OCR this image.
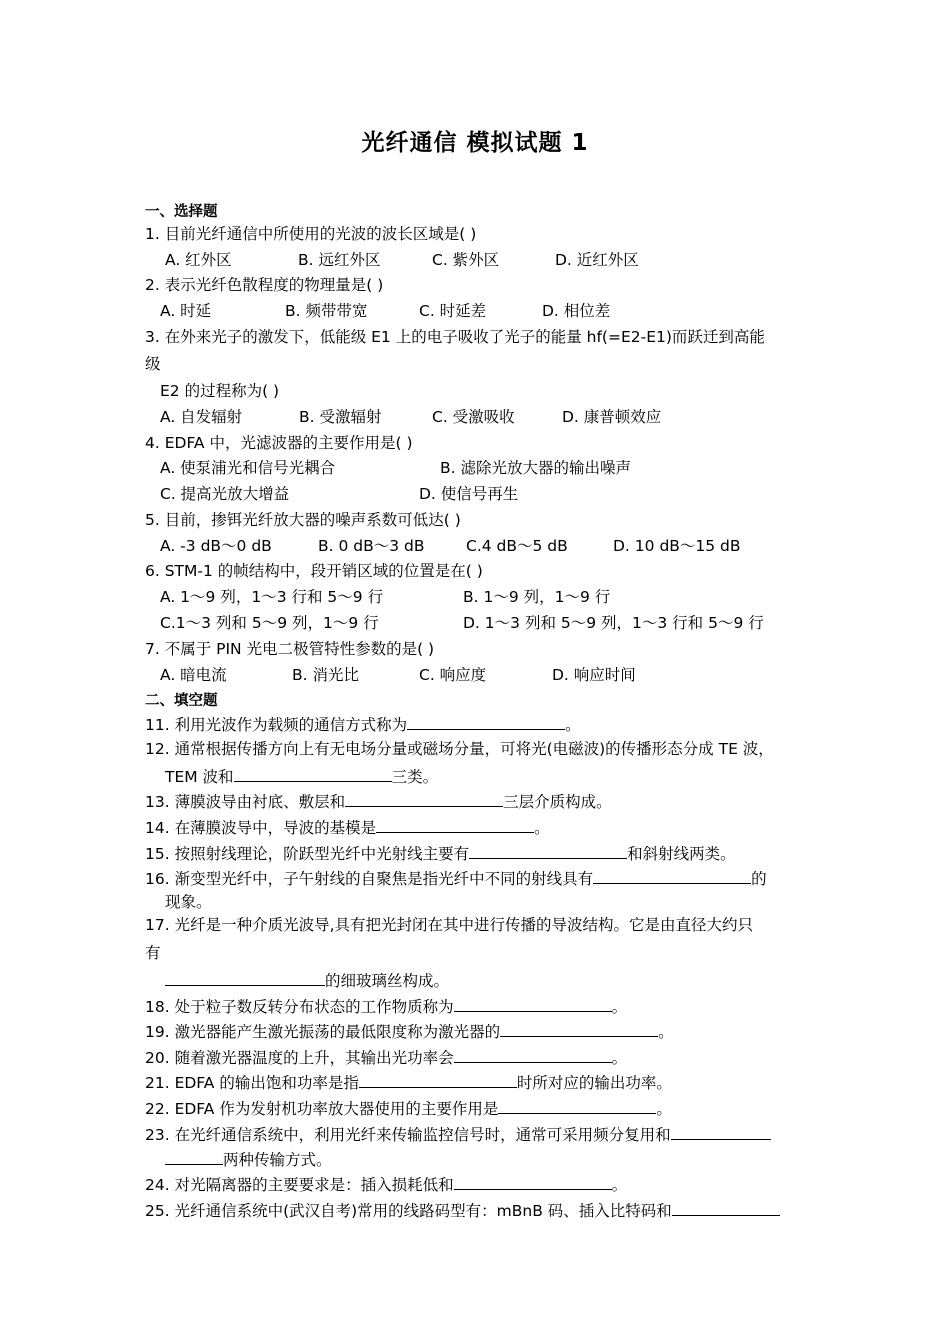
光纤通信 模拟试题 1
一、选择题
1. 目前光纤通信中所使用的光波的波长区域是( )
A. 红外区	B. 远红外区	C. 紫外区	D. 近红外区
2. 表示光纤色散程度的物理量是( )
A. 时延	B. 频带带宽	C. 时延差	D. 相位差
3. 在外来光子的激发下，低能级 E1 上的电子吸收了光子的能量 hf(=E2-E1)而跃迁到高能
级
E2 的过程称为( )
A. 自发辐射	B. 受激辐射	C. 受激吸收	D. 康普顿效应
4. EDFA 中，光滤波器的主要作用是( )
A. 使泵浦光和信号光耦合	B. 滤除光放大器的输出噪声
C. 提高光放大增益	D. 使信号再生
5. 目前，掺铒光纤放大器的噪声系数可低达( )
A. -3 dB～0 dB	B. 0 dB～3 dB	C.4 dB～5 dB	D. 10 dB～15 dB
6. STM-1 的帧结构中，段开销区域的位置是在( )
A. 1～9 列，1～3 行和 5～9 行	B. 1～9 列，1～9 行
C.1～3 列和 5～9 列，1～9 行	D. 1～3 列和 5～9 列，1～3 行和 5～9 行
7. 不属于 PIN 光电二极管特性参数的是( )
A. 暗电流	B. 消光比	C. 响应度	D. 响应时间
二、填空题
11. 利用光波作为载频的通信方式称为	。
12. 通常根据传播方向上有无电场分量或磁场分量，可将光(电磁波)的传播形态分成 TE 波，
TEM 波和	三类。
13. 薄膜波导由衬底、敷层和	三层介质构成。
14. 在薄膜波导中，导波的基模是	。
15. 按照射线理论，阶跃型光纤中光射线主要有	和斜射线两类。
16. 渐变型光纤中，子午射线的自聚焦是指光纤中不同的射线具有	的
现象。
17. 光纤是一种介质光波导,具有把光封闭在其中进行传播的导波结构。它是由直径大约只
有
的细玻璃丝构成。
18. 处于粒子数反转分布状态的工作物质称为	。
19. 激光器能产生激光振荡的最低限度称为激光器的	。
20. 随着激光器温度的上升，其输出光功率会	。
21. EDFA 的输出饱和功率是指	时所对应的输出功率。
22. EDFA 作为发射机功率放大器使用的主要作用是	。
23. 在光纤通信系统中，利用光纤来传输监控信号时，通常可采用频分复用和
两种传输方式。
24. 对光隔离器的主要要求是：插入损耗低和	。
25. 光纤通信系统中(武汉自考)常用的线路码型有：mBnB 码、插入比特码和
